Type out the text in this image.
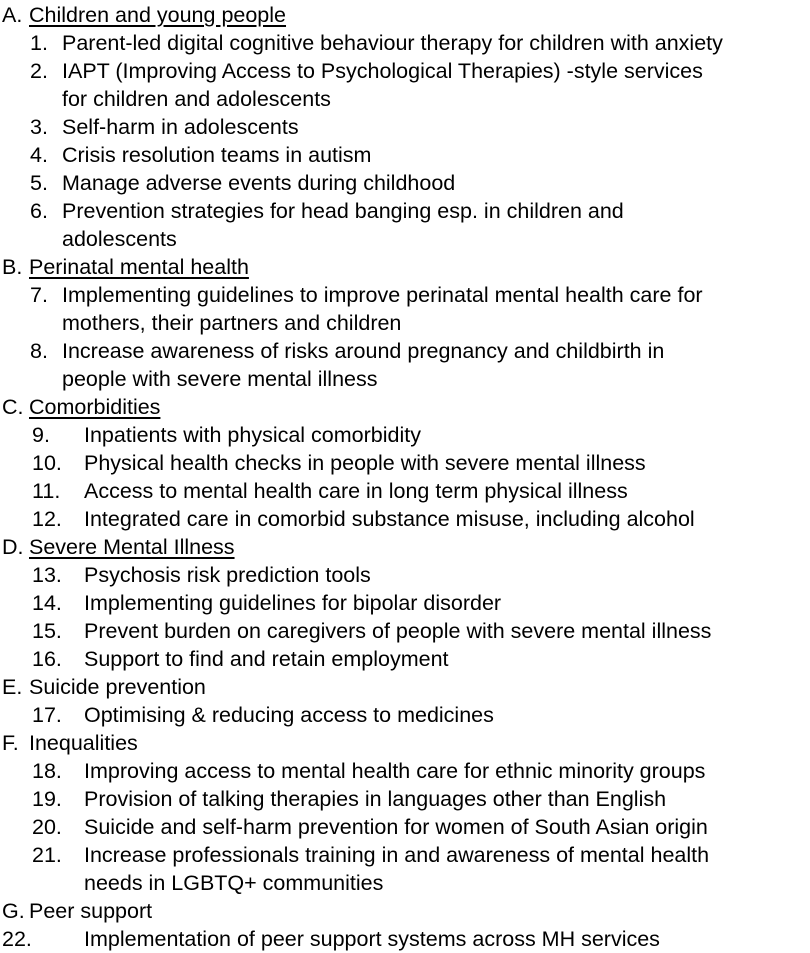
A. Children and young people
1. Parent-led digital cognitive behaviour therapy for children with anxiety
2. IAPT (Improving Access to Psychological Therapies) -style services
for children and adolescents
3. Self-harm in adolescents
4. Crisis resolution teams in autism
5. Manage adverse events during childhood
6. Prevention strategies for head banging esp. in children and
adolescents
B. Perinatal mental health
7. Implementing guidelines to improve perinatal mental health care for
mothers, their partners and children
8. Increase awareness of risks around pregnancy and childbirth in
people with severe mental illness
C. Comorbidities
9. Inpatients with physical comorbidity
10. Physical health checks in people with severe mental illness
11. Access to mental health care in long term physical illness
12. Integrated care in comorbid substance misuse, including alcohol
D. Severe Mental Illness
13. Psychosis risk prediction tools
14. Implementing guidelines for bipolar disorder
15. Prevent burden on caregivers of people with severe mental illness
16. Support to find and retain employment
E. Suicide prevention
17. Optimising & reducing access to medicines
F. Inequalities
18. Improving access to mental health care for ethnic minority groups
19. Provision of talking therapies in languages other than English
20. Suicide and self-harm prevention for women of South Asian origin
21. Increase professionals training in and awareness of mental health
needs in LGBTQ+ communities
G. Peer support
22. Implementation of peer support systems across MH services
